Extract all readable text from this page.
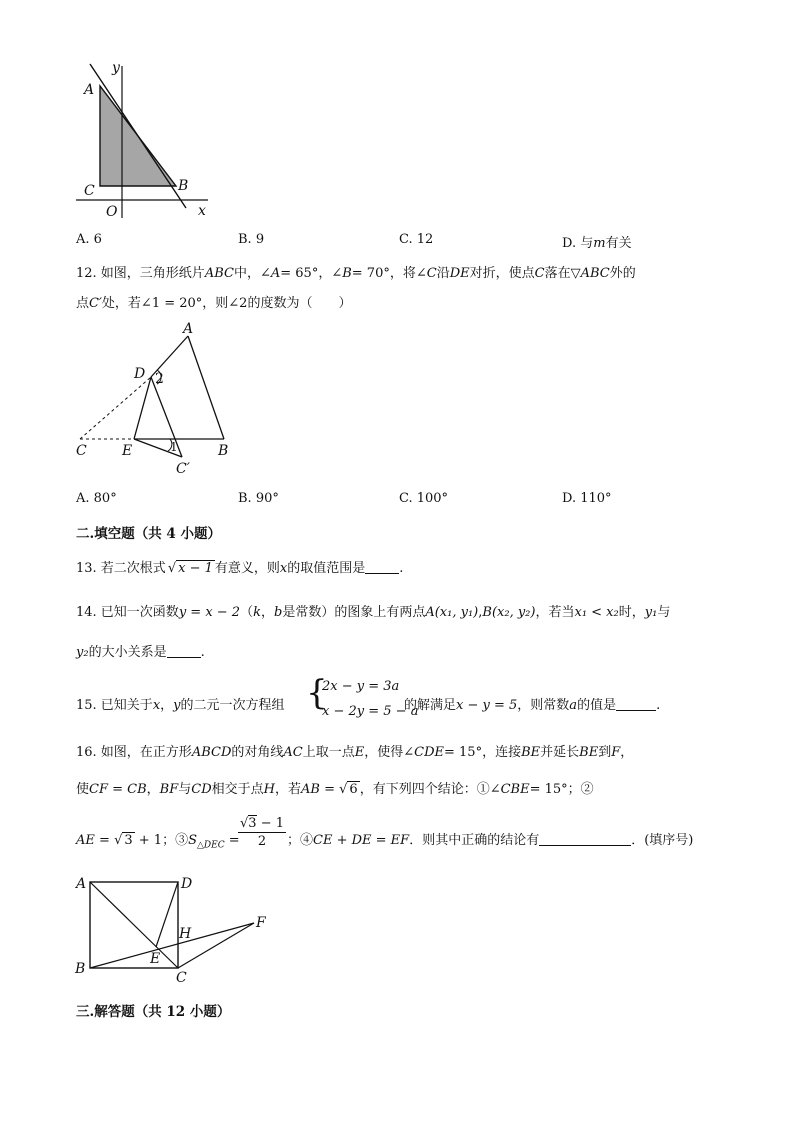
y
x
A
B
C
O
A. 6	B. 9	C. 12	D. 与m有关
12. 如图，三角形纸片ABC中，∠A= 65°，∠B= 70°，将∠C沿DE对折，使点C落在▽ABC外的
点C′处，若∠1 = 20°，则∠2的度数为（　　）
A
D 2
C	E	1	B
C′
A. 80°	B. 90°	C. 100°	D. 110°
二.填空题（共 4 小题）
13. 若二次根式 √ x − 1 有意义，则x的取值范围是	.
14. 已知一次函数y = x − 2（k，b是常数）的图象上有两点A(x₁, y₁),B(x₂, y₂)，若当x₁ < x₂时，y₁与
y₂的大小关系是	.
15. 已知关于x，y的二元一次方程组 {
2x − y = 3a
x − 2y = 5 − a
的解满足x − y = 5，则常数a的值是	.
16. 如图，在正方形ABCD的对角线AC上取一点E，使得∠CDE= 15°，连接BE并延长BE到F，
使CF = CB，BF与CD相交于点H，若AB = √ 6 ，有下列四个结论：①∠CBE= 15°；②
AE = √ 3 + 1；$③S_{\triangle DEC}$ =
$\frac{√3 - 1}{2}$ ；④CE + DE = EF．则其中正确的结论有	．(填序号)
A	D
H
F
B
E
C
三.解答题（共 12 小题）
